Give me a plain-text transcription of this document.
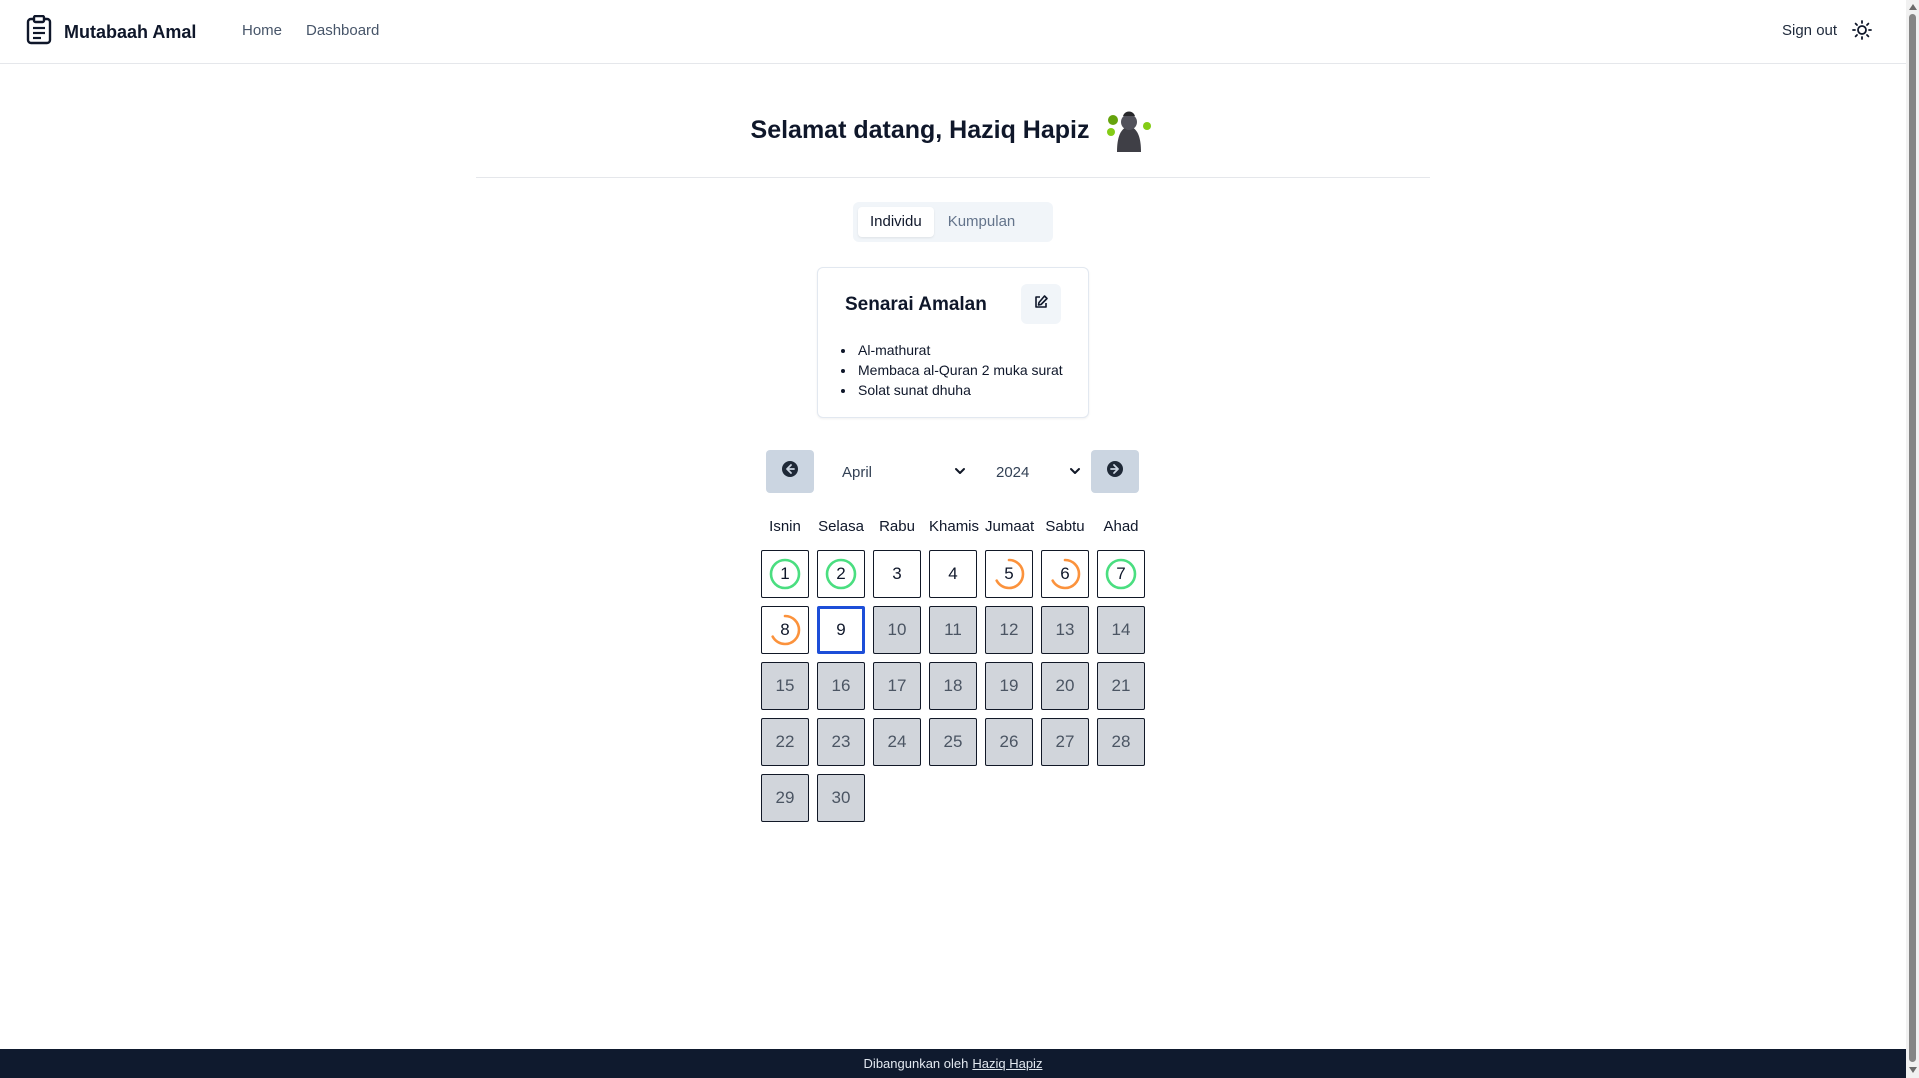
Mutabaah Amal	Home Dashboard	Sign out
Selamat datang, Haziq Hapiz
Individu	Kumpulan
Senarai Amalan
• Al-mathurat
• Membaca al-Quran 2 muka surat
• Solat sunat dhuha
April	2024
Isnin	Selasa	Rabu Khamis Jumaat Sabtu	Ahad
1	2	3	4	5	6	7
8	9 10 11 12 13 14
15 16 17 18 19 20 21
22 23 24 25 26 27 28
29 30
Dibangunkan oleh Haziq Hapiz
